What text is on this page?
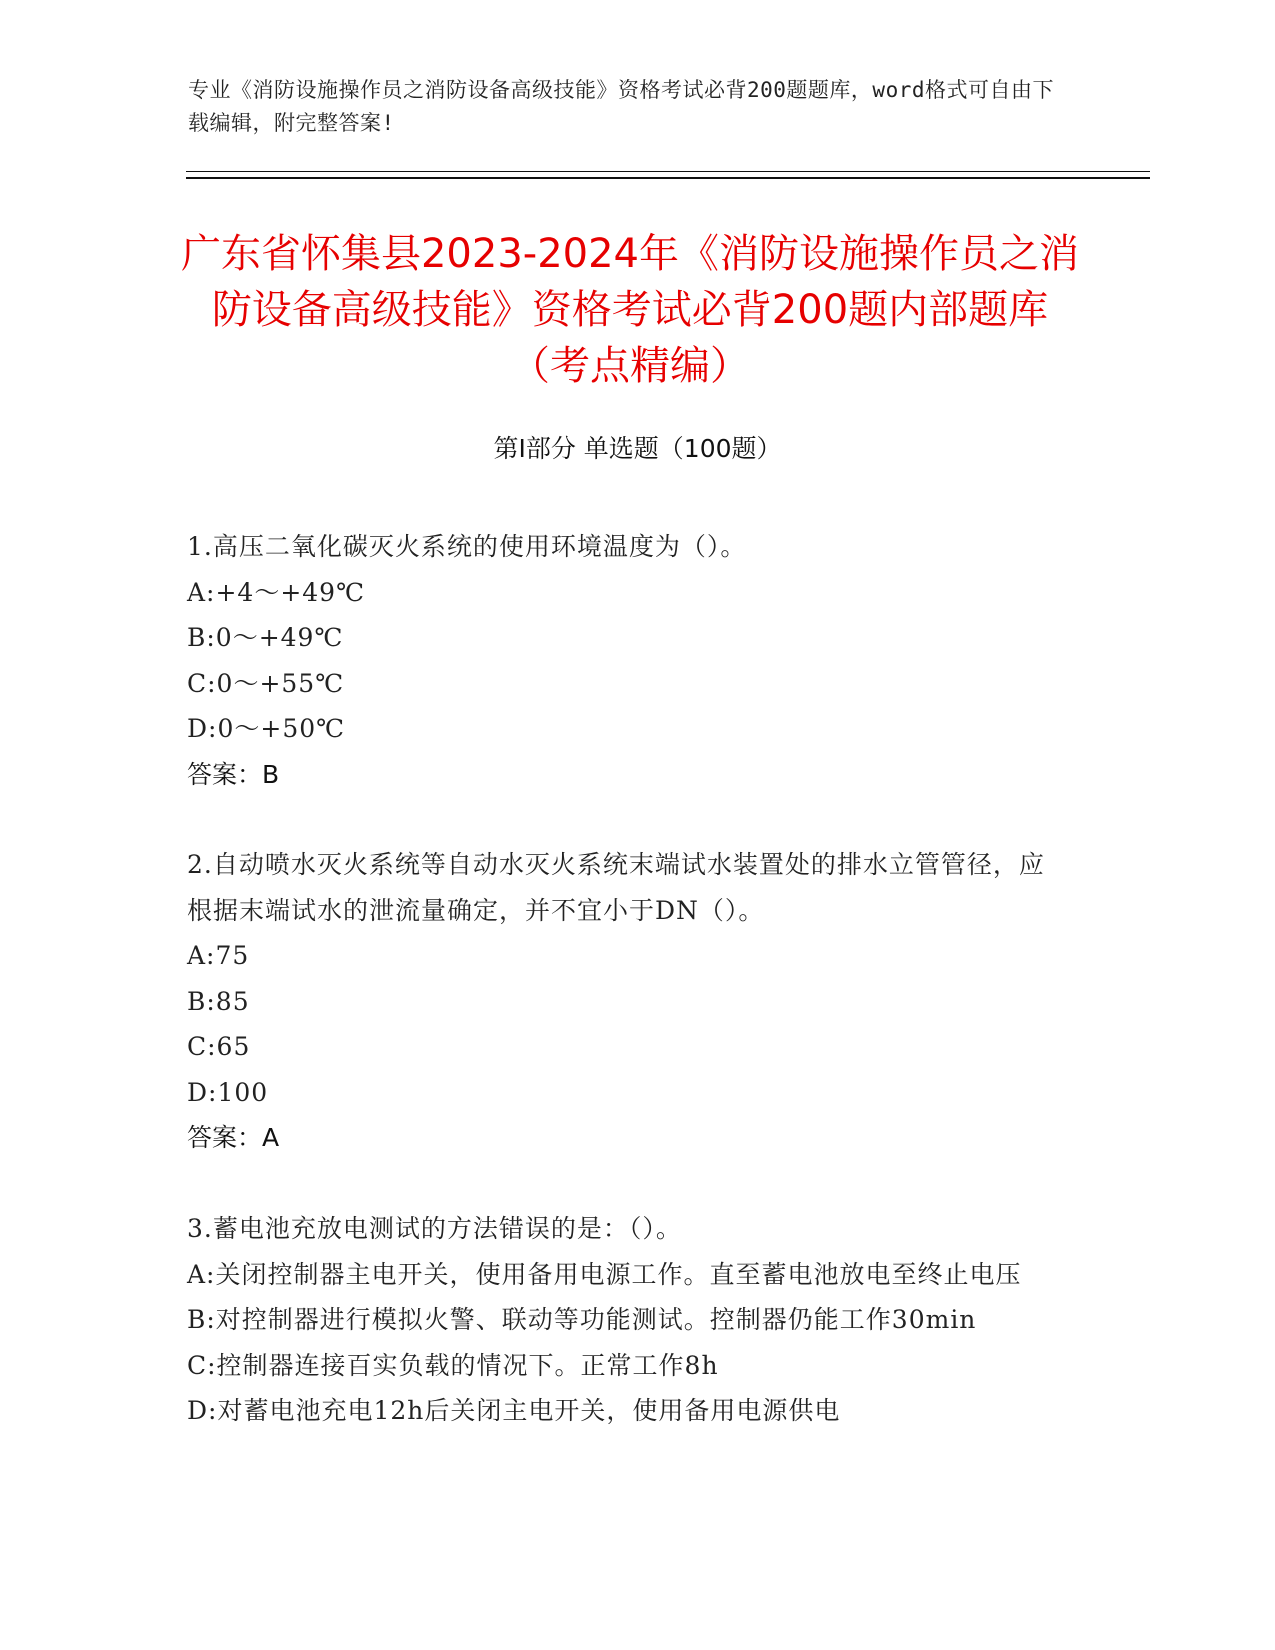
专业《消防设施操作员之消防设备高级技能》资格考试必背200题题库，word格式可自由下载编辑，附完整答案!
广东省怀集县2023-2024年《消防设施操作员之消防设备高级技能》资格考试必背200题内部题库（考点精编）
第I部分 单选题（100题）
1.高压二氧化碳灭火系统的使用环境温度为（）。
A:+4～+49℃
B:0～+49℃
C:0～+55℃
D:0～+50℃
答案：B
2.自动喷水灭火系统等自动水灭火系统末端试水装置处的排水立管管径，应根据末端试水的泄流量确定，并不宜小于DN（）。
A:75
B:85
C:65
D:100
答案：A
3.蓄电池充放电测试的方法错误的是：（）。
A:关闭控制器主电开关，使用备用电源工作。直至蓄电池放电至终止电压
B:对控制器进行模拟火警、联动等功能测试。控制器仍能工作30min
C:控制器连接百实负载的情况下。正常工作8h
D:对蓄电池充电12h后关闭主电开关，使用备用电源供电
